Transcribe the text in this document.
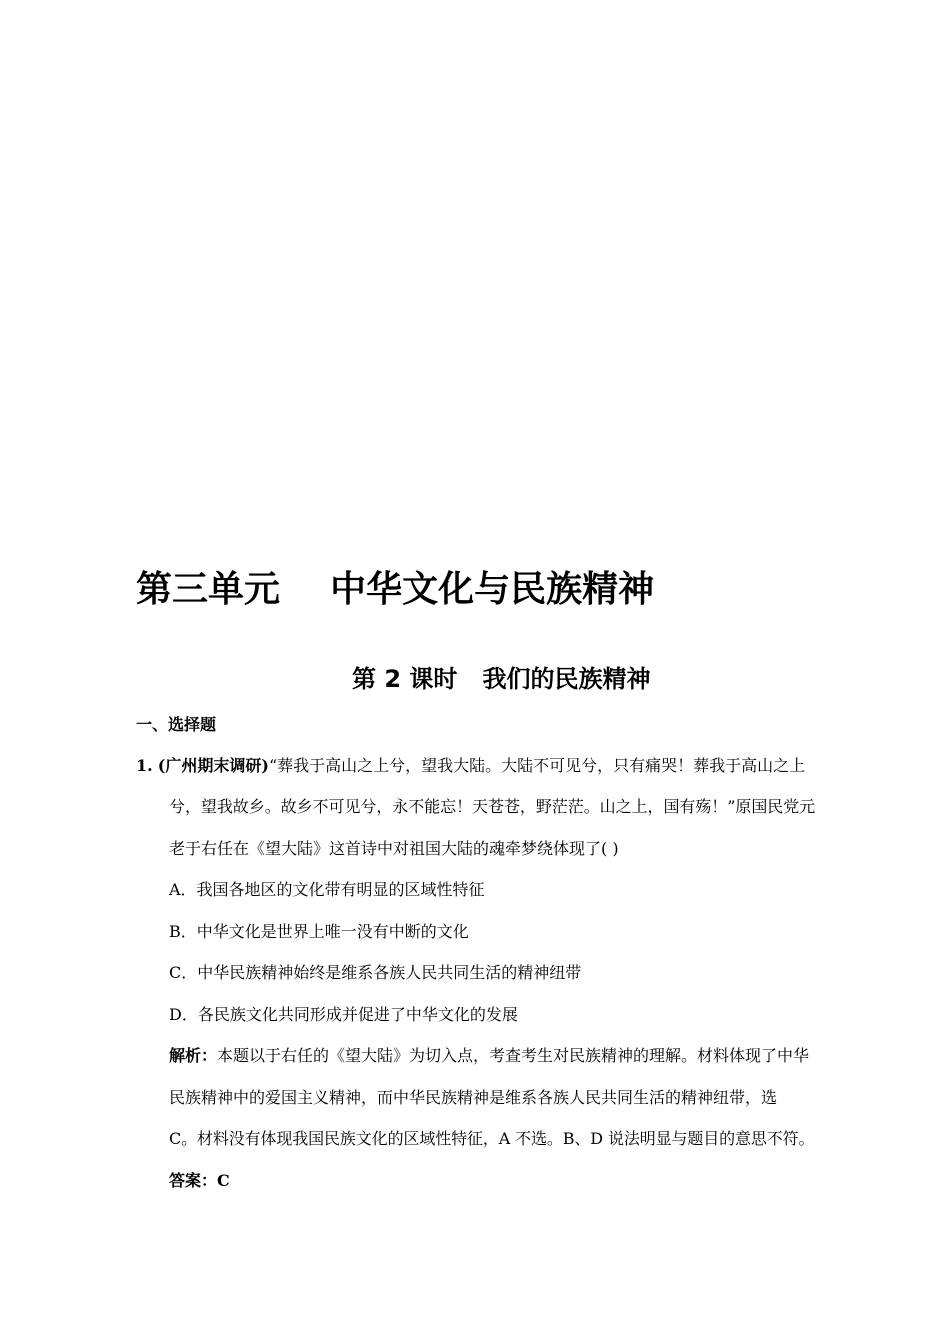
第三单元    中华文化与民族精神
第 2 课时   我们的民族精神
一、选择题
1. (广州期末调研)“葬我于高山之上兮，望我大陆。大陆不可见兮，只有痛哭！葬我于高山之上
兮，望我故乡。故乡不可见兮，永不能忘！天苍苍，野茫茫。山之上，国有殇！”原国民党元
老于右任在《望大陆》这首诗中对祖国大陆的魂牵梦绕体现了( )
A．我国各地区的文化带有明显的区域性特征
B．中华文化是世界上唯一没有中断的文化
C．中华民族精神始终是维系各族人民共同生活的精神纽带
D．各民族文化共同形成并促进了中华文化的发展
解析：本题以于右任的《望大陆》为切入点，考查考生对民族精神的理解。材料体现了中华
民族精神中的爱国主义精神，而中华民族精神是维系各族人民共同生活的精神纽带，选
C。材料没有体现我国民族文化的区域性特征，A 不选。B、D 说法明显与题目的意思不符。
答案：C
